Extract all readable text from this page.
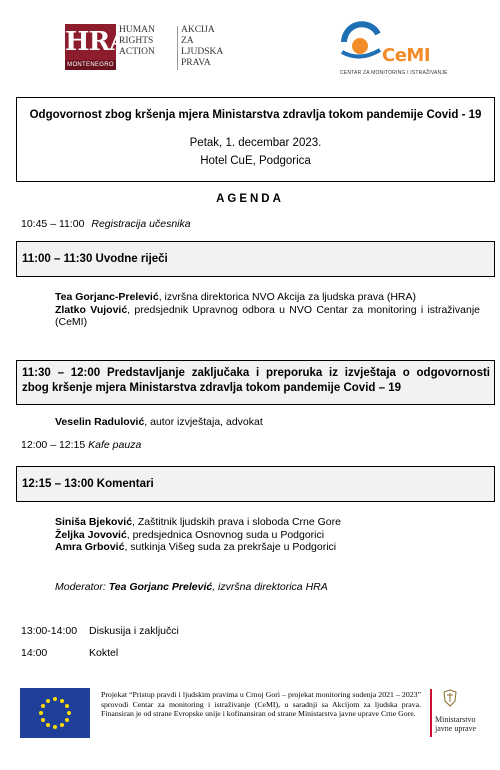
HRA
MONTENEGRO
HUMAN
RIGHTS
ACTION
AKCIJA ZA
LJUDSKA
PRAVA	CeMI
CENTAR ZA MONITORING I ISTRAŽIVANJE
Odgovornost zbog kršenja mjera Ministarstva zdravlja tokom pandemije Covid - 19
Petak, 1. decembar 2023.
Hotel CuE, Podgorica
AGENDA
10:45 – 11:00 Registracija učesnika
11:00 – 11:30 Uvodne riječi
Tea Gorjanc-Prelević, izvršna direktorica NVO Akcija za ljudska prava (HRA)
Zlatko Vujović, predsjednik Upravnog odbora u NVO Centar za monitoring i istraživanje (CeMI)
11:30 – 12:00 Predstavljanje zaključaka i preporuka iz izvještaja o odgovornosti
zbog kršenje mjera Ministarstva zdravlja tokom pandemije Covid – 19
Veselin Radulović, autor izvještaja, advokat
12:00 – 12:15 Kafe pauza
12:15 – 13:00 Komentari
Siniša Bjeković, Zaštitnik ljudskih prava i sloboda Crne Gore
Željka Jovović, predsjednica Osnovnog suda u Podgorici
Amra Grbović, sutkinja Višeg suda za prekršaje u Podgorici
Moderator: Tea Gorjanc Prelević, izvršna direktorica HRA
13:00-14:00 Diskusija i zaključci
14:00	Koktel
Projekat “Pristup pravdi i ljudskim pravima u Crnoj Gori – projekat monitoring sudenja 2021 – 2023” sprovodi Centar za monitoring i istraživanje (CeMI), u saradnji sa Akcijom za ljudska prava. Finansiran je od strane Evropske unije i kofinansiran od strane Ministarstva javne uprave Crne Gore.
Ministarstvo
javne uprave
